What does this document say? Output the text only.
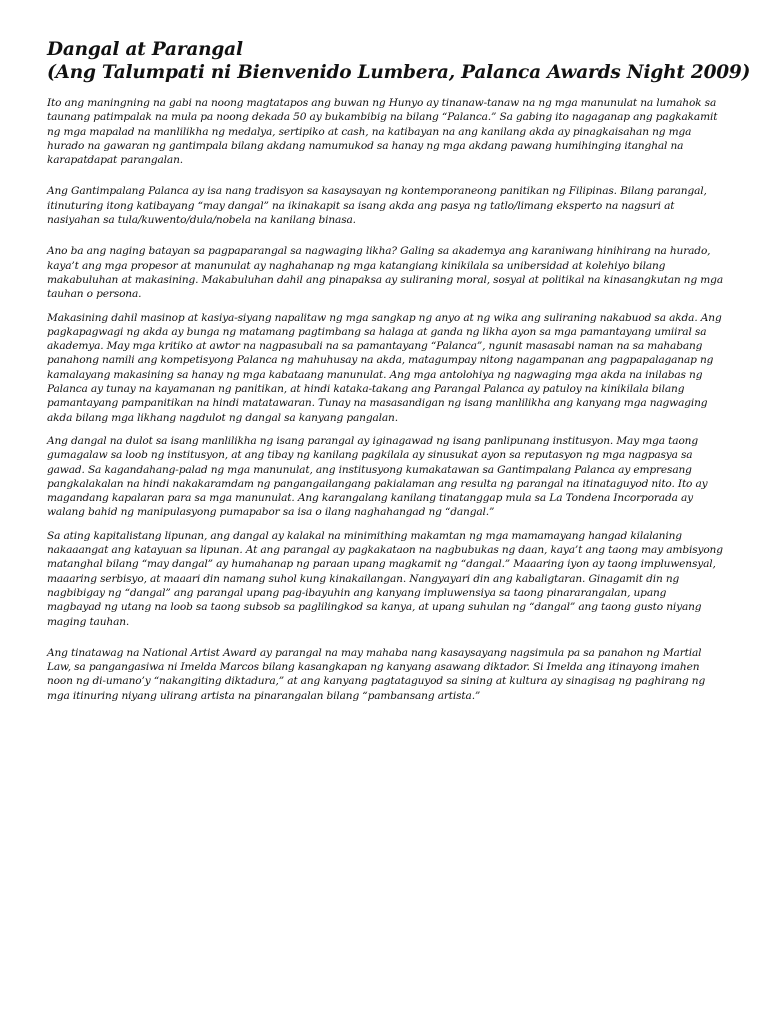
Dangal at Parangal
(Ang Talumpati ni Bienvenido Lumbera, Palanca Awards Night 2009)

Ito ang maningning na gabi na noong magtatapos ang buwan ng Hunyo ay tinanaw-tanaw na ng mga manunulat na lumahok sa taunang patimpalak na mula pa noong dekada 50 ay bukambibig na bilang “Palanca.” Sa gabing ito nagaganap ang pagkakamit ng mga mapalad na manlilikha ng medalya, sertipiko at cash, na katibayan na ang kanilang akda ay pinagkaisahan ng mga hurado na gawaran ng gantimpala bilang akdang namumukod sa hanay ng mga akdang pawang humihinging itanghal na karapatdapat parangalan.

Ang Gantimpalang Palanca ay isa nang tradisyon sa kasaysayan ng kontemporaneong panitikan ng Filipinas. Bilang parangal, itinuturing itong katibayang “may dangal” na ikinakapit sa isang akda ang pasya ng tatlo/limang eksperto na nagsuri at nasiyahan sa tula/kuwento/dula/nobela na kanilang binasa.

Ano ba ang naging batayan sa pagpaparangal sa nagwaging likha? Galing sa akademya ang karaniwang hinihirang na hurado, kaya’t ang mga propesor at manunulat ay naghahanap ng mga katangiang kinikilala sa unibersidad at kolehiyo bilang makabuluhan at makasining. Makabuluhan dahil ang pinapaksa ay suliraning moral, sosyal at politikal na kinasangkutan ng mga tauhan o persona.

Makasining dahil masinop at kasiya-siyang napalitaw ng mga sangkap ng anyo at ng wika ang suliraning nakabuod sa akda. Ang pagkapagwagi ng akda ay bunga ng matamang pagtimbang sa halaga at ganda ng likha ayon sa mga pamantayang umiiral sa akademya. May mga kritiko at awtor na nagpasubali na sa pamantayang “Palanca”, ngunit masasabi naman na sa mahabang panahong namili ang kompetisyong Palanca ng mahuhusay na akda, matagumpay nitong nagampanan ang pagpapalaganap ng kamalayang makasining sa hanay ng mga kabataang manunulat. Ang mga antolohiya ng nagwaging mga akda na inilabas ng Palanca ay tunay na kayamanan ng panitikan, at hindi kataka-takang ang Parangal Palanca ay patuloy na kinikilala bilang pamantayang pampanitikan na hindi matatawaran. Tunay na masasandigan ng isang manlilikha ang kanyang mga nagwaging akda bilang mga likhang nagdulot ng dangal sa kanyang pangalan.

Ang dangal na dulot sa isang manlilikha ng isang parangal ay iginagawad ng isang panlipunang institusyon. May mga taong gumagalaw sa loob ng institusyon, at ang tibay ng kanilang pagkilala ay sinusukat ayon sa reputasyon ng mga nagpasya sa gawad. Sa kagandahang-palad ng mga manunulat, ang institusyong kumakatawan sa Gantimpalang Palanca ay empresang pangkalakalan na hindi nakakaramdam ng pangangailangang pakialaman ang resulta ng parangal na itinataguyod nito. Ito ay magandang kapalaran para sa mga manunulat. Ang karangalang kanilang tinatanggap mula sa La Tondena Incorporada ay walang bahid ng manipulasyong pumapabor sa isa o ilang naghahangad ng “dangal.”

Sa ating kapitalistang lipunan, ang dangal ay kalakal na minimithing makamtan ng mga mamamayang hangad kilalaning nakaaangat ang katayuan sa lipunan. At ang parangal ay pagkakataon na nagbubukas ng daan, kaya’t ang taong may ambisyong matanghal bilang “may dangal” ay humahanap ng paraan upang magkamit ng “dangal.” Maaaring iyon ay taong impluwensyal, maaaring serbisyo, at maaari din namang suhol kung kinakailangan. Nangyayari din ang kabaligtaran. Ginagamit din ng nagbibigay ng “dangal” ang parangal upang pag-ibayuhin ang kanyang impluwensiya sa taong pinararangalan, upang magbayad ng utang na loob sa taong subsob sa paglilingkod sa kanya, at upang suhulan ng “dangal” ang taong gusto niyang maging tauhan.

Ang tinatawag na National Artist Award ay parangal na may mahaba nang kasaysayang nagsimula pa sa panahon ng Martial Law, sa pangangasiwa ni Imelda Marcos bilang kasangkapan ng kanyang asawang diktador. Si Imelda ang itinayong imahen noon ng di-umano’y “nakangiting diktadura,” at ang kanyang pagtataguyod sa sining at kultura ay sinagisag ng paghirang ng mga itinuring niyang ulirang artista na pinarangalan bilang “pambansang artista.”
